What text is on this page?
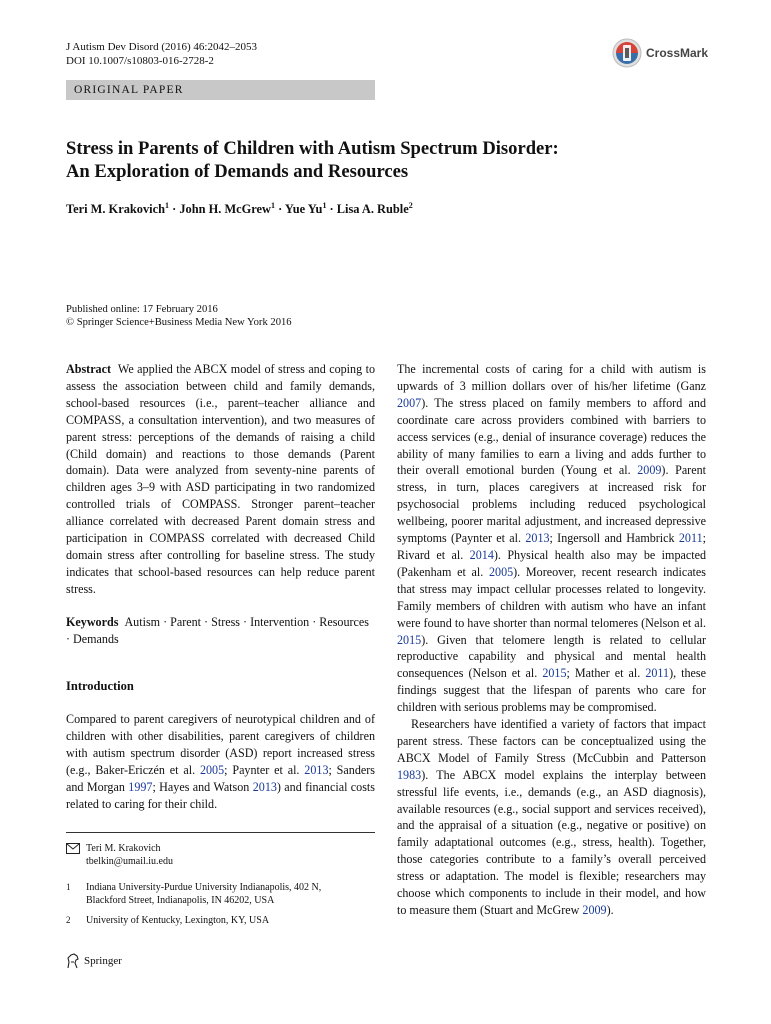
J Autism Dev Disord (2016) 46:2042–2053
DOI 10.1007/s10803-016-2728-2
CrossMark
ORIGINAL PAPER
Stress in Parents of Children with Autism Spectrum Disorder:
An Exploration of Demands and Resources
Teri M. Krakovich$^1$ · John H. McGrew$^1$ · Yue $Yu^1$ · Lisa A. Ruble$^2$
Published online: 17 February 2016
© Springer Science+Business Media New York 2016

Abstract We applied the ABCX model of stress and coping to assess the association between child and family demands, school-based resources (i.e., parent–teacher alliance and COMPASS, a consultation intervention), and two measures of parent stress: perceptions of the demands of raising a child (Child domain) and reactions to those demands (Parent domain). Data were analyzed from seventy-nine parents of children ages 3–9 with ASD participating in two randomized controlled trials of COMPASS. Stronger parent–teacher alliance correlated with decreased Parent domain stress and participation in COMPASS correlated with decreased Child domain stress after controlling for baseline stress. The study indicates that school-based resources can help reduce parent stress.

Keywords Autism · Parent · Stress · Intervention · Resources · Demands

Introduction

Compared to parent caregivers of neurotypical children and of children with other disabilities, parent caregivers of children with autism spectrum disorder (ASD) report increased stress (e.g., Baker-Ericzén et al. 2005; Paynter et al. 2013; Sanders and Morgan 1997; Hayes and Watson 2013) and financial costs related to caring for their child.

Teri M. Krakovich
tbelkin@umail.iu.edu
1	Indiana University-Purdue University Indianapolis, 402 N,
Blackford Street, Indianapolis, IN 46202, USA
2	University of Kentucky, Lexington, KY, USA

The incremental costs of caring for a child with autism is upwards of 3 million dollars over of his/her lifetime (Ganz 2007). The stress placed on family members to afford and coordinate care across providers combined with barriers to access services (e.g., denial of insurance coverage) reduces the ability of many families to earn a living and adds further to their overall emotional burden (Young et al. 2009). Parent stress, in turn, places caregivers at increased risk for psychosocial problems including reduced psychological wellbeing, poorer marital adjustment, and increased depressive symptoms (Paynter et al. 2013; Ingersoll and Hambrick 2011; Rivard et al. 2014). Physical health also may be impacted (Pakenham et al. 2005). Moreover, recent research indicates that stress may impact cellular processes related to longevity. Family members of children with autism who have an infant were found to have shorter than normal telomeres (Nelson et al. 2015). Given that telomere length is related to cellular reproductive capability and physical and mental health consequences (Nelson et al. 2015; Mather et al. 2011), these findings suggest that the lifespan of parents who care for children with serious problems may be compromised.

Researchers have identified a variety of factors that impact parent stress. These factors can be conceptualized using the ABCX Model of Family Stress (McCubbin and Patterson 1983). The ABCX model explains the interplay between stressful life events, i.e., demands (e.g., an ASD diagnosis), available resources (e.g., social support and services received), and the appraisal of a situation (e.g., negative or positive) on family adaptational outcomes (e.g., stress, health). Together, those categories contribute to a family’s overall perceived stress or adaptation. The model is flexible; researchers may choose which components to include in their model, and how to measure them (Stuart and McGrew 2009).

Springer
